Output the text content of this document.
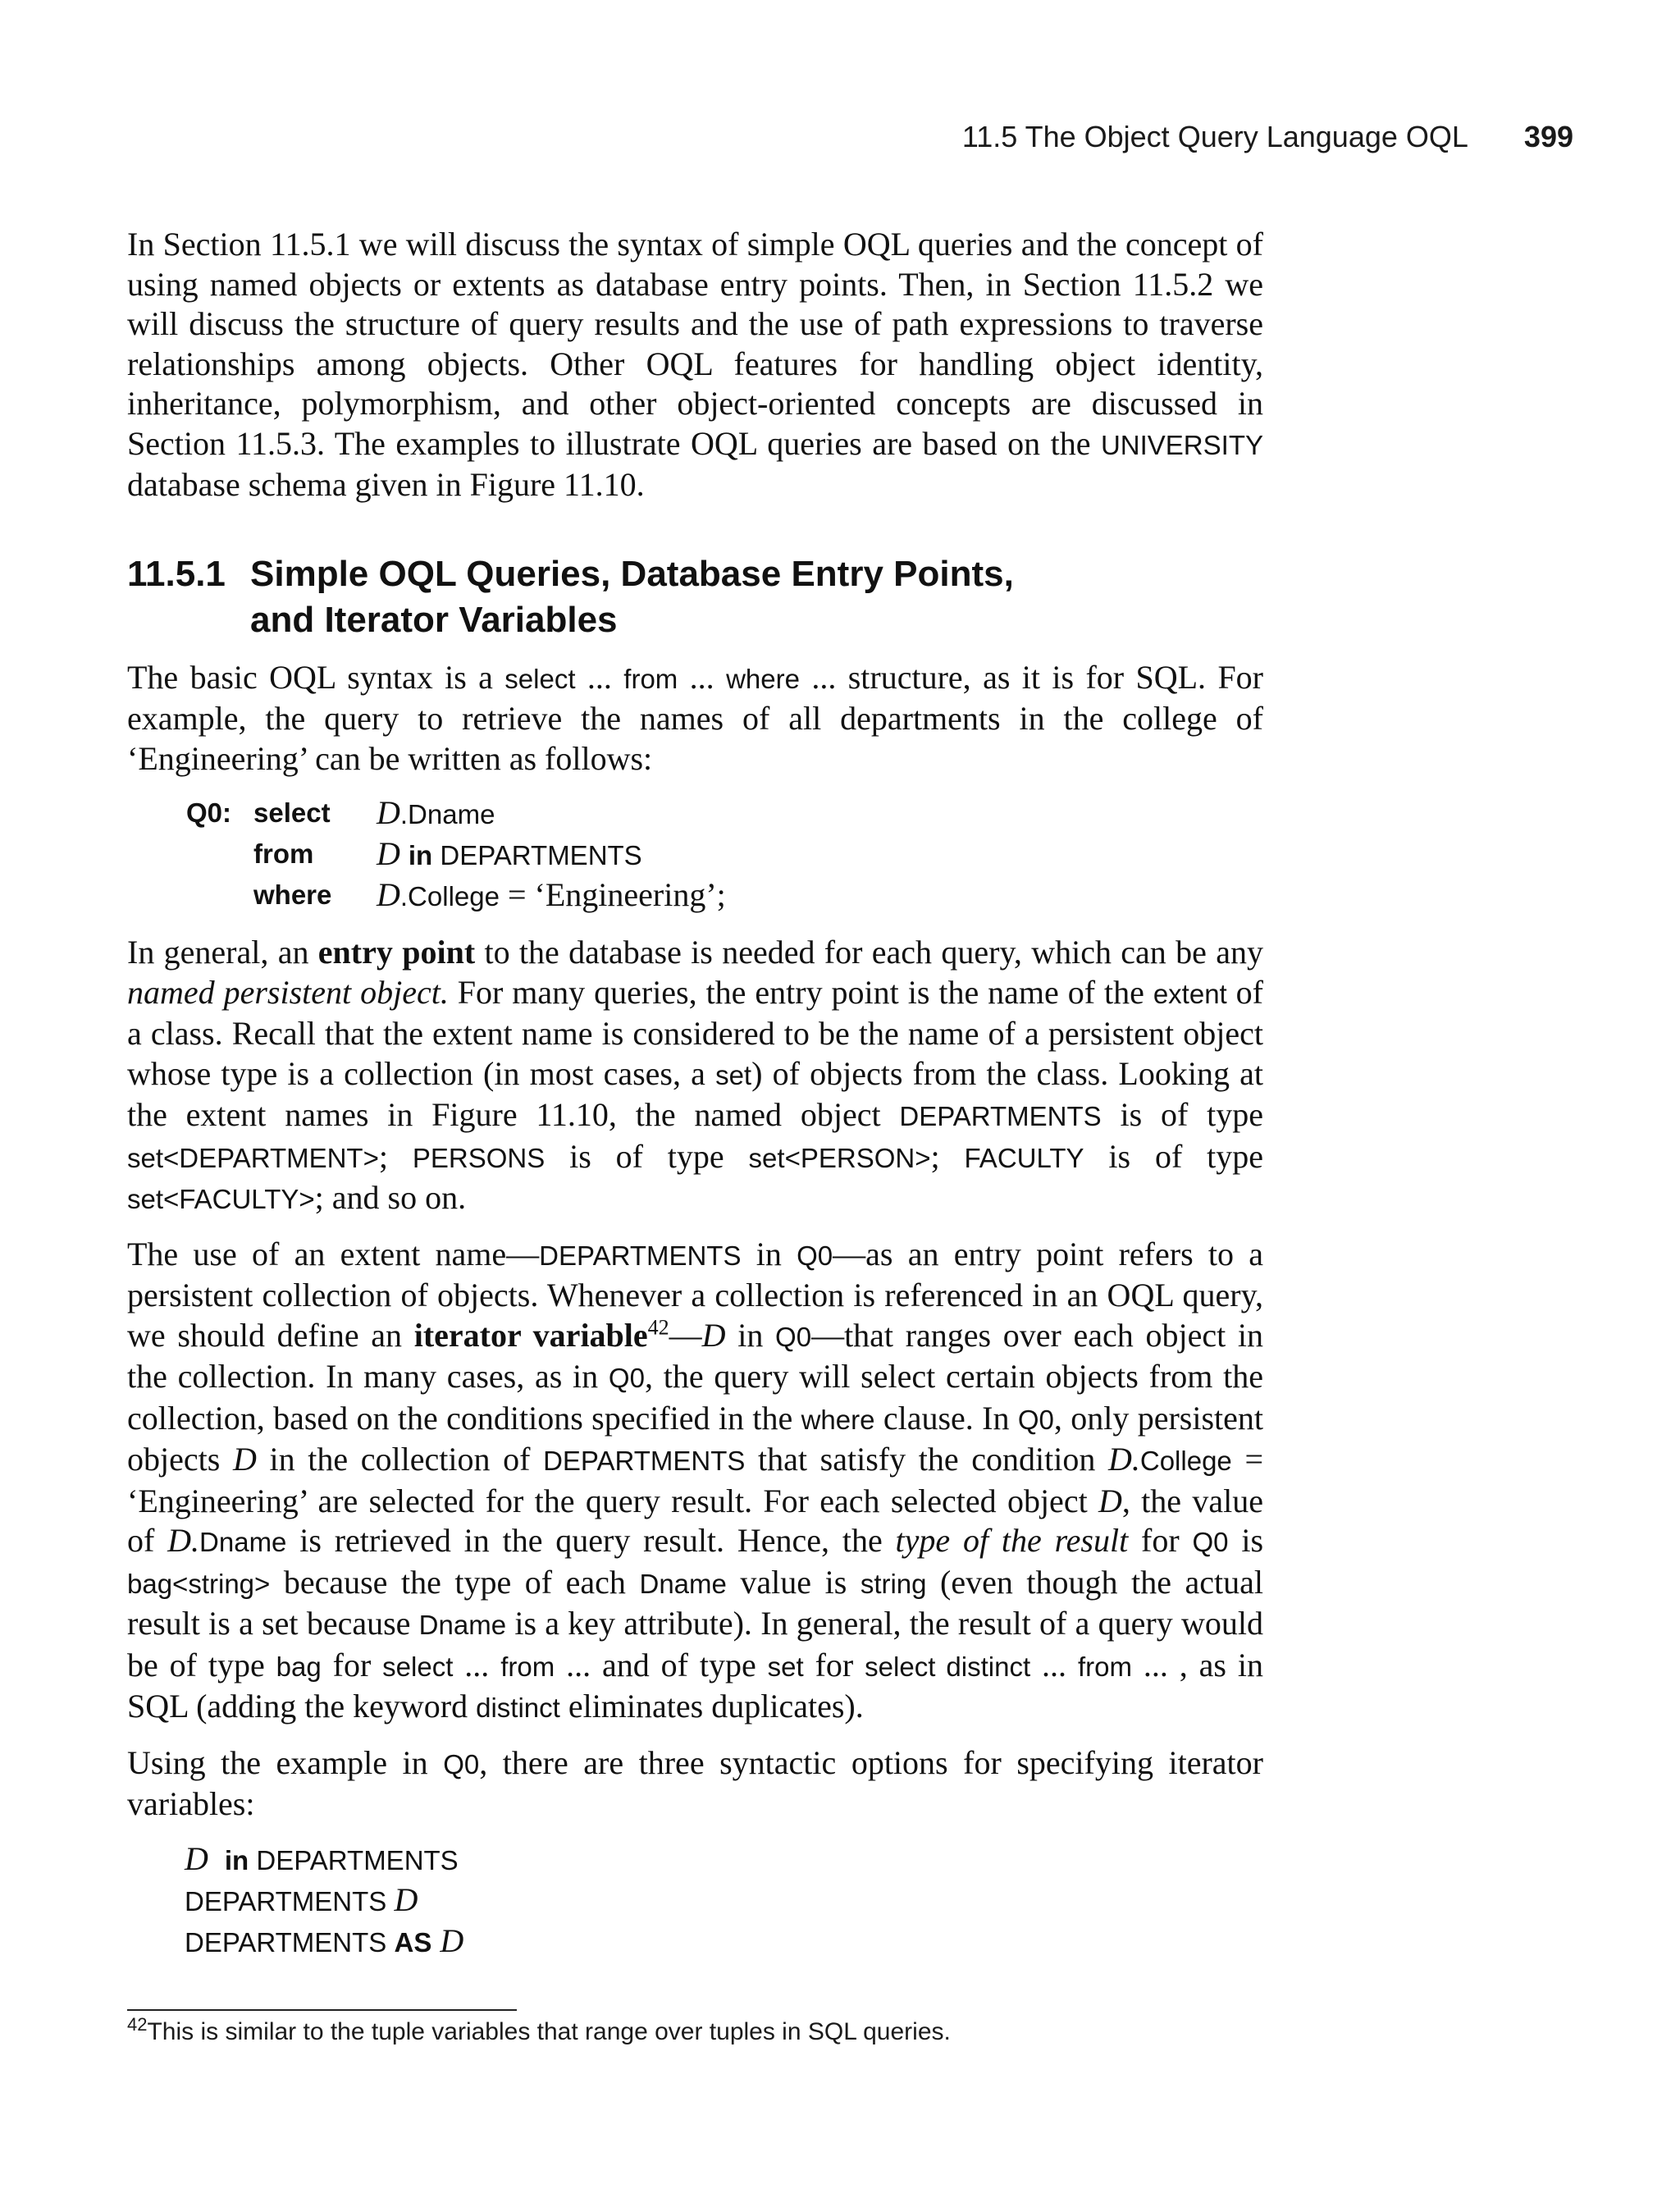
11.5 The Object Query Language OQL 399

In Section 11.5.1 we will discuss the syntax of simple OQL queries and the concept of using named objects or extents as database entry points. Then, in Section 11.5.2 we will discuss the structure of query results and the use of path expressions to traverse relationships among objects. Other OQL features for handling object identity, inheritance, polymorphism, and other object-oriented concepts are discussed in Section 11.5.3. The examples to illustrate OQL queries are based on the UNIVERSITY database schema given in Figure 11.10.

11.5.1 Simple OQL Queries, Database Entry Points,
and Iterator Variables

The basic OQL syntax is a select ... from ... where ... structure, as it is for SQL. For example, the query to retrieve the names of all departments in the college of ‘Engineering’ can be written as follows:

Q0: select	D.Dname
from	D in DEPARTMENTS
where	D.College = ‘Engineering’;

In general, an entry point to the database is needed for each query, which can be any named persistent object. For many queries, the entry point is the name of the extent of a class. Recall that the extent name is considered to be the name of a persistent object whose type is a collection (in most cases, a set) of objects from the class. Looking at the extent names in Figure 11.10, the named object DEPARTMENTS is of type set<DEPARTMENT>; PERSONS is of type set<PERSON>; FACULTY is of type set<FACULTY>; and so on.

The use of an extent name—DEPARTMENTS in Q0—as an entry point refers to a persistent collection of objects. Whenever a collection is referenced in an OQL query, we should define an iterator variable$^{42}$—D in Q0—that ranges over each object in the collection. In many cases, as in Q0, the query will select certain objects from the collection, based on the conditions specified in the where clause. In Q0, only persistent objects D in the collection of DEPARTMENTS that satisfy the condition D.College = ‘Engineering’ are selected for the query result. For each selected object D, the value of D.Dname is retrieved in the query result. Hence, the type of the result for Q0 is bag<string> because the type of each Dname value is string (even though the actual result is a set because Dname is a key attribute). In general, the result of a query would be of type bag for select ... from ... and of type set for select distinct ... from ... , as in SQL (adding the keyword distinct eliminates duplicates).

Using the example in Q0, there are three syntactic options for specifying iterator variables:

D in DEPARTMENTS
DEPARTMENTS D
DEPARTMENTS AS D
$^{42}$This is similar to the tuple variables that range over tuples in SQL queries.
